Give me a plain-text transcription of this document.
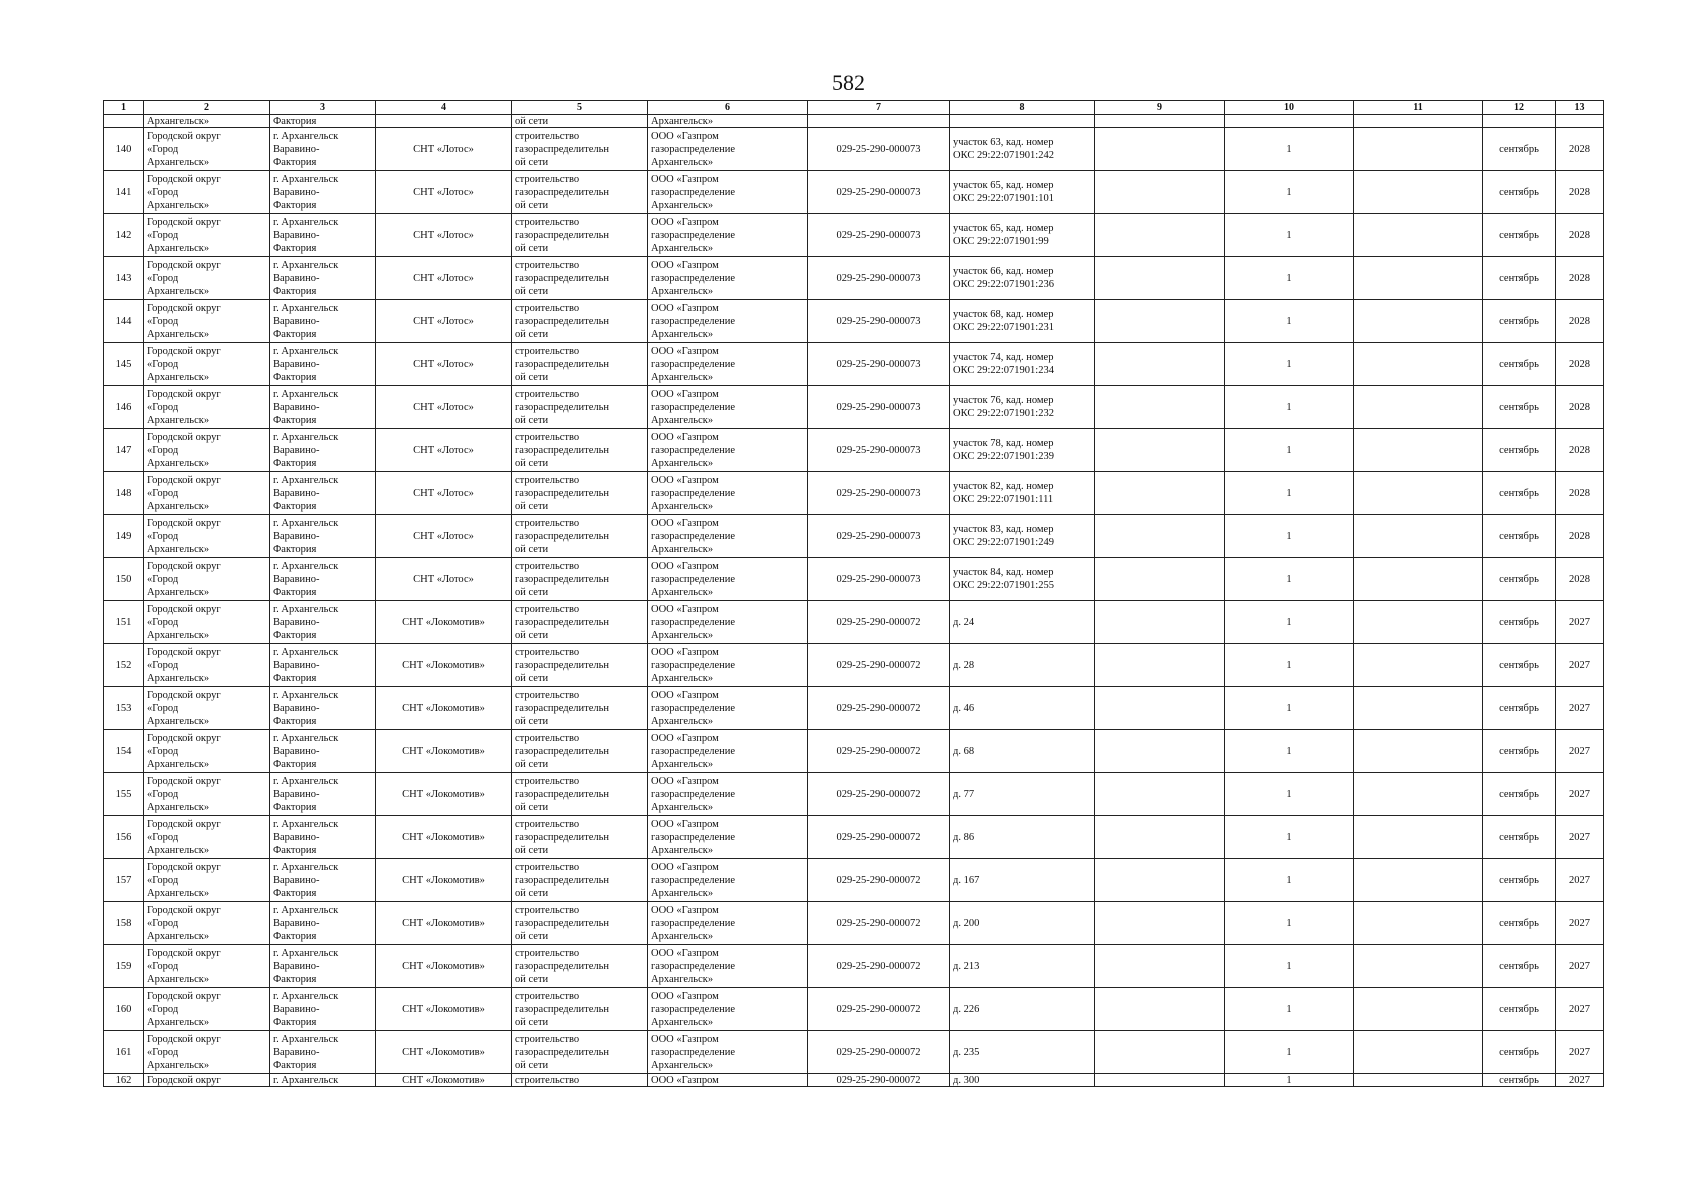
582
1	2	3	4	5	6	7	8	9	10	11	12	13
	Архангельск»	Фактория		ой сети	Архангельск»							
140	Городской округ
«Город
Архангельск»	г. Архангельск
Варавино-
Фактория	СНТ «Лотос»	строительство
газораспределительн
ой сети	ООО «Газпром
газораспределение
Архангельск»	029-25-290-000073	участок 63, кад. номер
ОКС 29:22:071901:242		1		сентябрь	2028
141	Городской округ
«Город
Архангельск»	г. Архангельск
Варавино-
Фактория	СНТ «Лотос»	строительство
газораспределительн
ой сети	ООО «Газпром
газораспределение
Архангельск»	029-25-290-000073	участок 65, кад. номер
ОКС 29:22:071901:101		1		сентябрь	2028
142	Городской округ
«Город
Архангельск»	г. Архангельск
Варавино-
Фактория	СНТ «Лотос»	строительство
газораспределительн
ой сети	ООО «Газпром
газораспределение
Архангельск»	029-25-290-000073	участок 65, кад. номер
ОКС 29:22:071901:99		1		сентябрь	2028
143	Городской округ
«Город
Архангельск»	г. Архангельск
Варавино-
Фактория	СНТ «Лотос»	строительство
газораспределительн
ой сети	ООО «Газпром
газораспределение
Архангельск»	029-25-290-000073	участок 66, кад. номер
ОКС 29:22:071901:236		1		сентябрь	2028
144	Городской округ
«Город
Архангельск»	г. Архангельск
Варавино-
Фактория	СНТ «Лотос»	строительство
газораспределительн
ой сети	ООО «Газпром
газораспределение
Архангельск»	029-25-290-000073	участок 68, кад. номер
ОКС 29:22:071901:231		1		сентябрь	2028
145	Городской округ
«Город
Архангельск»	г. Архангельск
Варавино-
Фактория	СНТ «Лотос»	строительство
газораспределительн
ой сети	ООО «Газпром
газораспределение
Архангельск»	029-25-290-000073	участок 74, кад. номер
ОКС 29:22:071901:234		1		сентябрь	2028
146	Городской округ
«Город
Архангельск»	г. Архангельск
Варавино-
Фактория	СНТ «Лотос»	строительство
газораспределительн
ой сети	ООО «Газпром
газораспределение
Архангельск»	029-25-290-000073	участок 76, кад. номер
ОКС 29:22:071901:232		1		сентябрь	2028
147	Городской округ
«Город
Архангельск»	г. Архангельск
Варавино-
Фактория	СНТ «Лотос»	строительство
газораспределительн
ой сети	ООО «Газпром
газораспределение
Архангельск»	029-25-290-000073	участок 78, кад. номер
ОКС 29:22:071901:239		1		сентябрь	2028
148	Городской округ
«Город
Архангельск»	г. Архангельск
Варавино-
Фактория	СНТ «Лотос»	строительство
газораспределительн
ой сети	ООО «Газпром
газораспределение
Архангельск»	029-25-290-000073	участок 82, кад. номер
ОКС 29:22:071901:111		1		сентябрь	2028
149	Городской округ
«Город
Архангельск»	г. Архангельск
Варавино-
Фактория	СНТ «Лотос»	строительство
газораспределительн
ой сети	ООО «Газпром
газораспределение
Архангельск»	029-25-290-000073	участок 83, кад. номер
ОКС 29:22:071901:249		1		сентябрь	2028
150	Городской округ
«Город
Архангельск»	г. Архангельск
Варавино-
Фактория	СНТ «Лотос»	строительство
газораспределительн
ой сети	ООО «Газпром
газораспределение
Архангельск»	029-25-290-000073	участок 84, кад. номер
ОКС 29:22:071901:255		1		сентябрь	2028
151	Городской округ
«Город
Архангельск»	г. Архангельск
Варавино-
Фактория	СНТ «Локомотив»	строительство
газораспределительн
ой сети	ООО «Газпром
газораспределение
Архангельск»	029-25-290-000072	д. 24		1		сентябрь	2027
152	Городской округ
«Город
Архангельск»	г. Архангельск
Варавино-
Фактория	СНТ «Локомотив»	строительство
газораспределительн
ой сети	ООО «Газпром
газораспределение
Архангельск»	029-25-290-000072	д. 28		1		сентябрь	2027
153	Городской округ
«Город
Архангельск»	г. Архангельск
Варавино-
Фактория	СНТ «Локомотив»	строительство
газораспределительн
ой сети	ООО «Газпром
газораспределение
Архангельск»	029-25-290-000072	д. 46		1		сентябрь	2027
154	Городской округ
«Город
Архангельск»	г. Архангельск
Варавино-
Фактория	СНТ «Локомотив»	строительство
газораспределительн
ой сети	ООО «Газпром
газораспределение
Архангельск»	029-25-290-000072	д. 68		1		сентябрь	2027
155	Городской округ
«Город
Архангельск»	г. Архангельск
Варавино-
Фактория	СНТ «Локомотив»	строительство
газораспределительн
ой сети	ООО «Газпром
газораспределение
Архангельск»	029-25-290-000072	д. 77		1		сентябрь	2027
156	Городской округ
«Город
Архангельск»	г. Архангельск
Варавино-
Фактория	СНТ «Локомотив»	строительство
газораспределительн
ой сети	ООО «Газпром
газораспределение
Архангельск»	029-25-290-000072	д. 86		1		сентябрь	2027
157	Городской округ
«Город
Архангельск»	г. Архангельск
Варавино-
Фактория	СНТ «Локомотив»	строительство
газораспределительн
ой сети	ООО «Газпром
газораспределение
Архангельск»	029-25-290-000072	д. 167		1		сентябрь	2027
158	Городской округ
«Город
Архангельск»	г. Архангельск
Варавино-
Фактория	СНТ «Локомотив»	строительство
газораспределительн
ой сети	ООО «Газпром
газораспределение
Архангельск»	029-25-290-000072	д. 200		1		сентябрь	2027
159	Городской округ
«Город
Архангельск»	г. Архангельск
Варавино-
Фактория	СНТ «Локомотив»	строительство
газораспределительн
ой сети	ООО «Газпром
газораспределение
Архангельск»	029-25-290-000072	д. 213		1		сентябрь	2027
160	Городской округ
«Город
Архангельск»	г. Архангельск
Варавино-
Фактория	СНТ «Локомотив»	строительство
газораспределительн
ой сети	ООО «Газпром
газораспределение
Архангельск»	029-25-290-000072	д. 226		1		сентябрь	2027
161	Городской округ
«Город
Архангельск»	г. Архангельск
Варавино-
Фактория	СНТ «Локомотив»	строительство
газораспределительн
ой сети	ООО «Газпром
газораспределение
Архангельск»	029-25-290-000072	д. 235		1		сентябрь	2027
162	Городской округ	г. Архангельск	СНТ «Локомотив»	строительство	ООО «Газпром	029-25-290-000072	д. 300		1		сентябрь	2027
